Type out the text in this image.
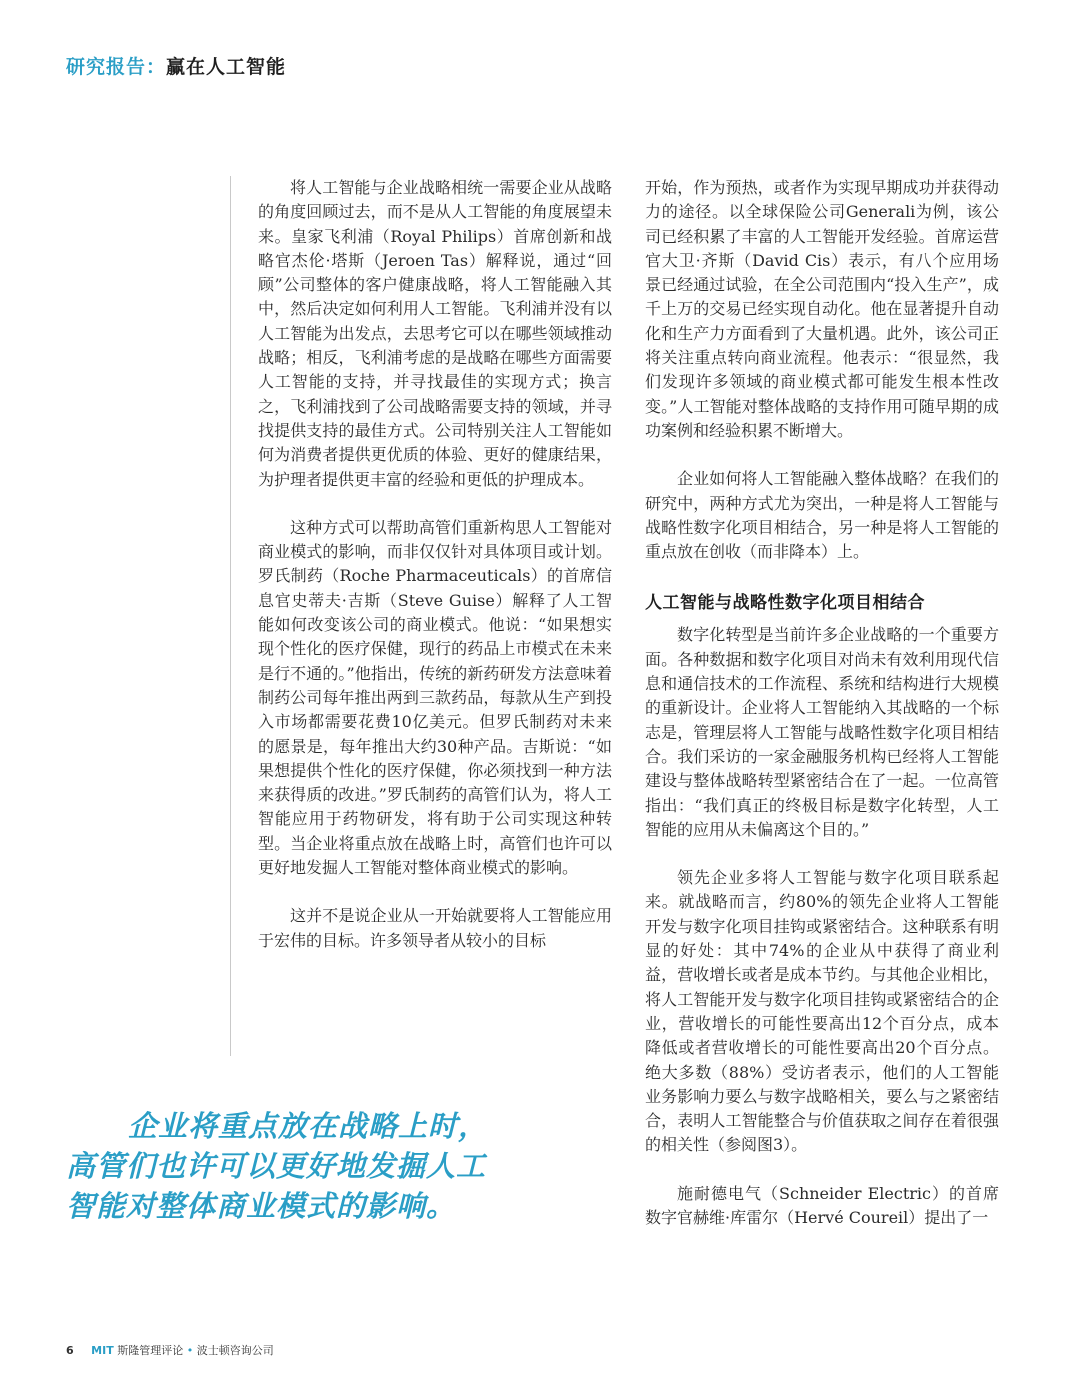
研究报告：赢在人工智能

将人工智能与企业战略相统一需要企业从战略的角度回顾过去，而不是从人工智能的角度展望未来。皇家飞利浦（Royal Philips）首席创新和战略官杰伦·塔斯（Jeroen Tas）解释说，通过“回顾”公司整体的客户健康战略，将人工智能融入其中，然后决定如何利用人工智能。飞利浦并没有以人工智能为出发点，去思考它可以在哪些领域推动战略；相反，飞利浦考虑的是战略在哪些方面需要人工智能的支持，并寻找最佳的实现方式；换言之，飞利浦找到了公司战略需要支持的领域，并寻找提供支持的最佳方式。公司特别关注人工智能如何为消费者提供更优质的体验、更好的健康结果，为护理者提供更丰富的经验和更低的护理成本。

这种方式可以帮助高管们重新构思人工智能对商业模式的影响，而非仅仅针对具体项目或计划。罗氏制药（Roche Pharmaceuticals）的首席信息官史蒂夫·吉斯（Steve Guise）解释了人工智能如何改变该公司的商业模式。他说：“如果想实现个性化的医疗保健，现行的药品上市模式在未来是行不通的。”他指出，传统的新药研发方法意味着制药公司每年推出两到三款药品，每款从生产到投入市场都需要花费10亿美元。但罗氏制药对未来的愿景是，每年推出大约30种产品。吉斯说：“如果想提供个性化的医疗保健，你必须找到一种方法来获得质的改进。”罗氏制药的高管们认为，将人工智能应用于药物研发，将有助于公司实现这种转型。当企业将重点放在战略上时，高管们也许可以更好地发掘人工智能对整体商业模式的影响。

这并不是说企业从一开始就要将人工智能应用于宏伟的目标。许多领导者从较小的目标

开始，作为预热，或者作为实现早期成功并获得动力的途径。以全球保险公司Generali为例，该公司已经积累了丰富的人工智能开发经验。首席运营官大卫·齐斯（David Cis）表示，有八个应用场景已经通过试验，在全公司范围内“投入生产”，成千上万的交易已经实现自动化。他在显著提升自动化和生产力方面看到了大量机遇。此外，该公司正将关注重点转向商业流程。他表示：“很显然，我们发现许多领域的商业模式都可能发生根本性改变。”人工智能对整体战略的支持作用可随早期的成功案例和经验积累不断增大。

企业如何将人工智能融入整体战略？在我们的研究中，两种方式尤为突出，一种是将人工智能与战略性数字化项目相结合，另一种是将人工智能的重点放在创收（而非降本）上。

人工智能与战略性数字化项目相结合

数字化转型是当前许多企业战略的一个重要方面。各种数据和数字化项目对尚未有效利用现代信息和通信技术的工作流程、系统和结构进行大规模的重新设计。企业将人工智能纳入其战略的一个标志是，管理层将人工智能与战略性数字化项目相结合。我们采访的一家金融服务机构已经将人工智能建设与整体战略转型紧密结合在了一起。一位高管指出：“我们真正的终极目标是数字化转型，人工智能的应用从未偏离这个目的。”

领先企业多将人工智能与数字化项目联系起来。就战略而言，约80%的领先企业将人工智能开发与数字化项目挂钩或紧密结合。这种联系有明显的好处：其中74%的企业从中获得了商业利益，营收增长或者是成本节约。与其他企业相比，将人工智能开发与数字化项目挂钩或紧密结合的企业，营收增长的可能性要高出12个百分点，成本降低或者营收增长的可能性要高出20个百分点。绝大多数（88%）受访者表示，他们的人工智能业务影响力要么与数字战略相关，要么与之紧密结合，表明人工智能整合与价值获取之间存在着很强的相关性（参阅图3）。

施耐德电气（Schneider Electric）的首席数字官赫维·库雷尔（Hervé Coureil）提出了一

企业将重点放在战略上时，
高管们也许可以更好地发掘人工
智能对整体商业模式的影响。
6 MIT 斯隆管理评论 • 波士顿咨询公司
